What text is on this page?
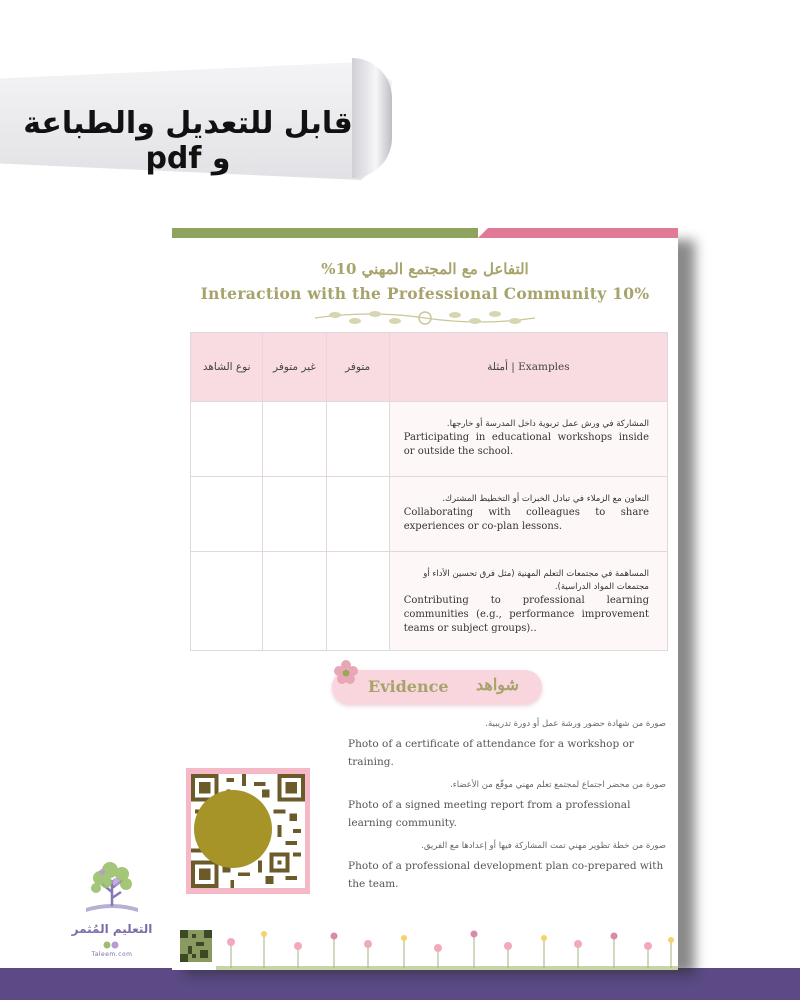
قابل للتعديل والطباعة و pdf
التفاعل مع المجتمع المهني 10%
Interaction with the Professional Community 10%
نوع الشاهد	غير متوفر	متوفر	أمثلة | Examples

			المشاركة في ورش عمل تربوية داخل المدرسة أو خارجها.
Participating in educational workshops inside or outside the school.

			التعاون مع الزملاء في تبادل الخبرات أو التخطيط المشترك.
Collaborating with colleagues to share experiences or co-plan lessons.

			المساهمة في مجتمعات التعلم المهنية (مثل فرق تحسين الأداء أو مجتمعات المواد الدراسية).
Contributing to professional learning communities (e.g., performance improvement teams or subject groups)..
Evidence شواهد
صورة من شهادة حضور ورشة عمل أو دورة تدريبية.
Photo of a certificate of attendance for a workshop or training.
صورة من محضر اجتماع لمجتمع تعلم مهني موقّع من الأعضاء.
Photo of a signed meeting report from a professional learning community.
صورة من خطة تطوير مهني تمت المشاركة فيها أو إعدادها مع الفريق.
Photo of a professional development plan co-prepared with the team.
التعليم المُثمر
Taleem.com
